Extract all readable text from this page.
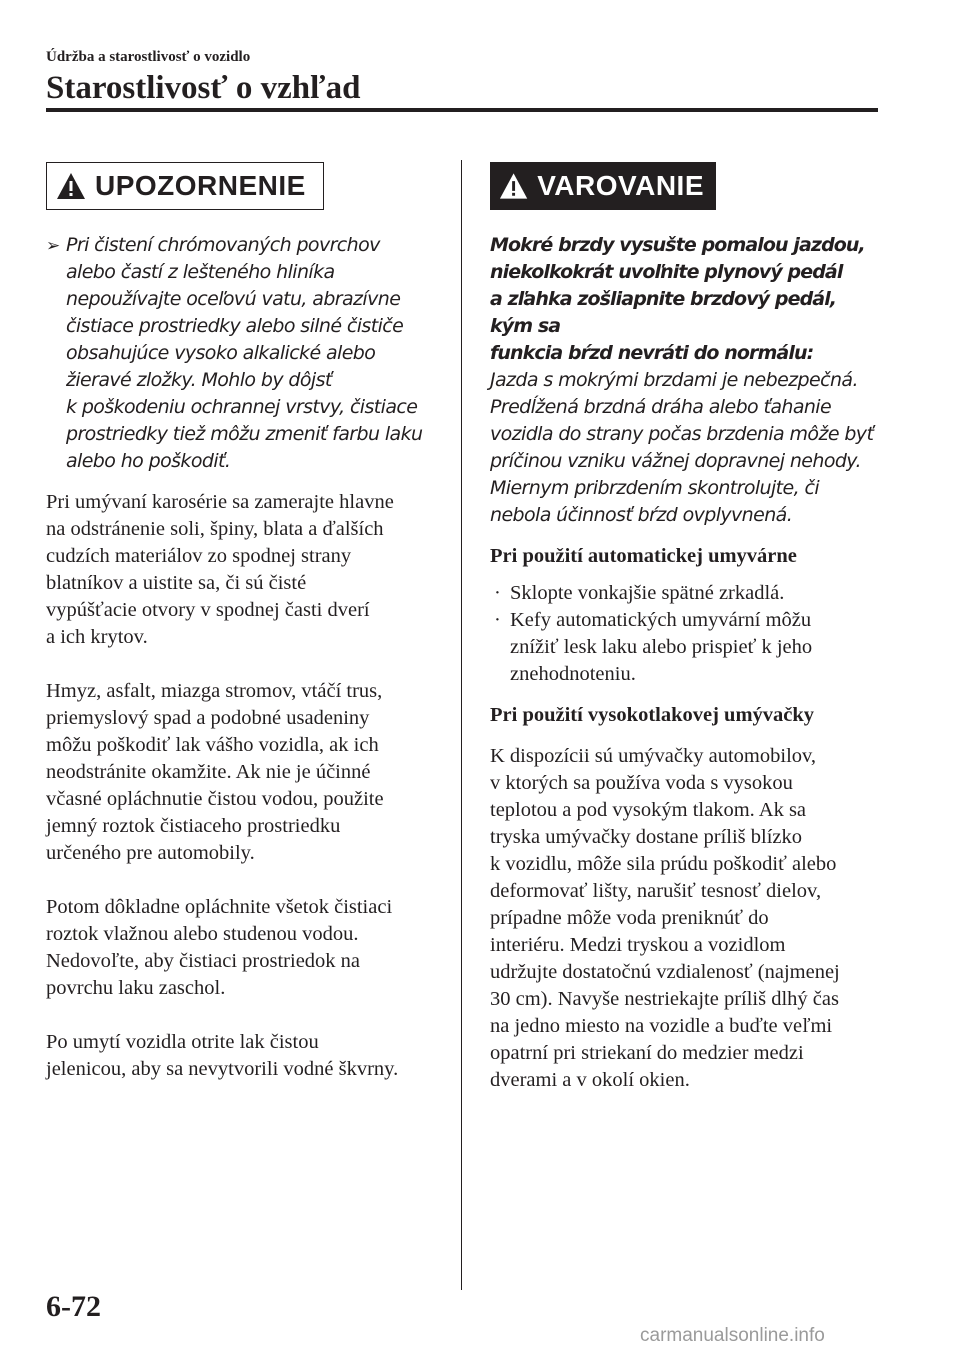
Údržba a starostlivosť o vozidlo
Starostlivosť o vzhľad
UPOZORNENIE
➢ Pri čistení chrómovaných povrchov

alebo častí z lešteného hliníka

nepoužívajte oceľovú vatu, abrazívne

čistiace prostriedky alebo silné čističe

obsahujúce vysoko alkalické alebo

žieravé zložky. Mohlo by dôjsť

k poškodeniu ochrannej vrstvy, čistiace

prostriedky tiež môžu zmeniť farbu laku

alebo ho poškodiť.

Pri umývaní karosérie sa zamerajte hlavne
na odstránenie soli, špiny, blata a ďalších
cudzích materiálov zo spodnej strany
blatníkov a uistite sa, či sú čisté
vypúšťacie otvory v spodnej časti dverí
a ich krytov.
Hmyz, asfalt, miazga stromov, vtáčí trus,
priemyslový spad a podobné usadeniny
môžu poškodiť lak vášho vozidla, ak ich
neodstránite okamžite. Ak nie je účinné
včasné opláchnutie čistou vodou, použite
jemný roztok čistiaceho prostriedku
určeného pre automobily.
Potom dôkladne opláchnite všetok čistiaci
roztok vlažnou alebo studenou vodou.
Nedovoľte, aby čistiaci prostriedok na
povrchu laku zaschol.
Po umytí vozidla otrite lak čistou
jelenicou, aby sa nevytvorili vodné škvrny.
VAROVANIE

Mokré brzdy vysušte pomalou jazdou,

niekolkokrát uvoľnite plynový pedál

a zľahka zošliapnite brzdový pedál, kým sa

funkcia bŕzd nevráti do normálu:

Jazda s mokrými brzdami je nebezpečná.

Predĺžená brzdná dráha alebo ťahanie

vozidla do strany počas brzdenia môže byť

príčinou vzniku vážnej dopravnej nehody.

Miernym pribrzdením skontrolujte, či

nebola účinnosť bŕzd ovplyvnená.

Pri použití automatickej umyvárne
· Sklopte vonkajšie spätné zrkadlá.
· Kefy automatických umyvární môžu
znížiť lesk laku alebo prispieť k jeho
znehodnoteniu.
Pri použití vysokotlakovej umývačky
K dispozícii sú umývačky automobilov,
v ktorých sa používa voda s vysokou
teplotou a pod vysokým tlakom. Ak sa
tryska umývačky dostane príliš blízko
k vozidlu, môže sila prúdu poškodiť alebo
deformovať lišty, narušiť tesnosť dielov,
prípadne môže voda preniknúť do
interiéru. Medzi tryskou a vozidlom
udržujte dostatočnú vzdialenosť (najmenej
30 cm). Navyše nestriekajte príliš dlhý čas
na jedno miesto na vozidle a buďte veľmi
opatrní pri striekaní do medzier medzi
dverami a v okolí okien.
6-72
carmanualsonline.info
